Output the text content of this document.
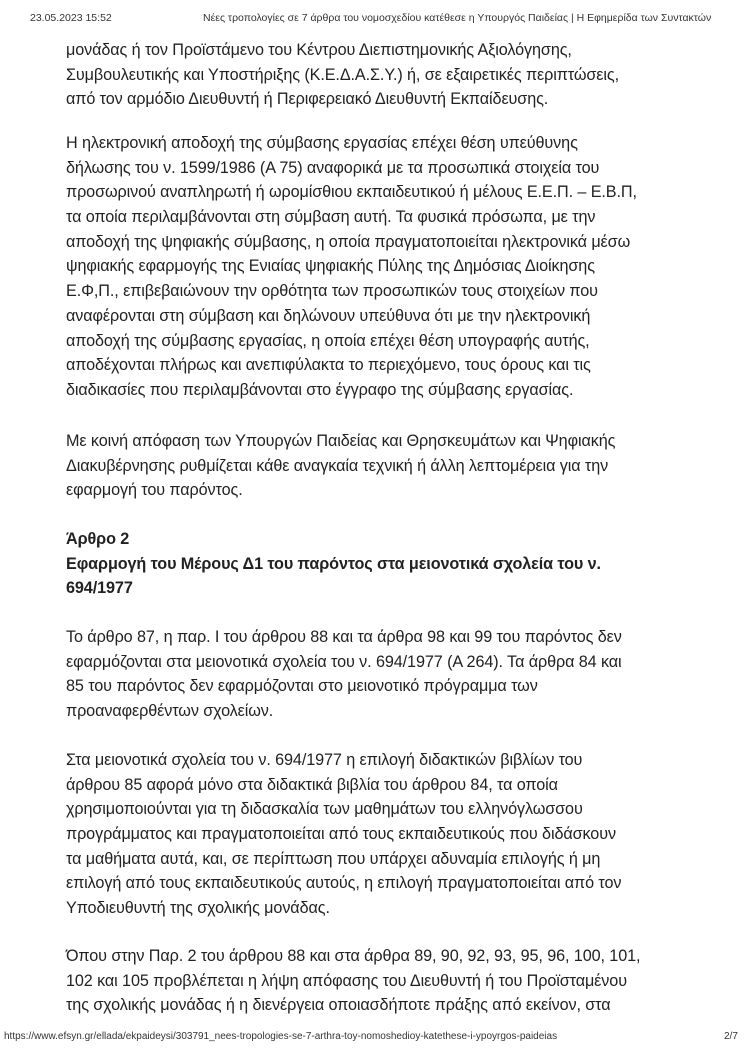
23.05.2023 15:52	Νέες τροπολογίες σε 7 άρθρα του νομοσχεδίου κατέθεσε η Υπουργός Παιδείας | Η Εφημερίδα των Συντακτών
μονάδας ή τον Προϊστάμενο του Κέντρου Διεπιστημονικής Αξιολόγησης,
Συμβουλευτικής και Υποστήριξης (Κ.Ε.Δ.Α.Σ.Υ.) ή, σε εξαιρετικές περιπτώσεις,
από τον αρμόδιο Διευθυντή ή Περιφερειακό Διευθυντή Εκπαίδευσης.
Η ηλεκτρονική αποδοχή της σύμβασης εργασίας επέχει θέση υπεύθυνης
δήλωσης του ν. 1599/1986 (Α 75) αναφορικά με τα προσωπικά στοιχεία του
προσωρινού αναπληρωτή ή ωρομίσθιου εκπαιδευτικού ή μέλους Ε.Ε.Π. – Ε.Β.Π,
τα οποία περιλαμβάνονται στη σύμβαση αυτή. Τα φυσικά πρόσωπα, με την
αποδοχή της ψηφιακής σύμβασης, η οποία πραγματοποιείται ηλεκτρονικά μέσω
ψηφιακής εφαρμογής της Ενιαίας ψηφιακής Πύλης της Δημόσιας Διοίκησης
Ε.Φ,Π., επιβεβαιώνουν την ορθότητα των προσωπικών τους στοιχείων που
αναφέρονται στη σύμβαση και δηλώνουν υπεύθυνα ότι με την ηλεκτρονική
αποδοχή της σύμβασης εργασίας, η οποία επέχει θέση υπογραφής αυτής,
αποδέχονται πλήρως και ανεπιφύλακτα το περιεχόμενο, τους όρους και τις
διαδικασίες που περιλαμβάνονται στο έγγραφο της σύμβασης εργασίας.
Με κοινή απόφαση των Υπουργών Παιδείας και Θρησκευμάτων και Ψηφιακής
Διακυβέρνησης ρυθμίζεται κάθε αναγκαία τεχνική ή άλλη λεπτομέρεια για την
εφαρμογή του παρόντος.
Άρθρο 2
Εφαρμογή του Μέρους Δ1 του παρόντος στα μειονοτικά σχολεία του ν.
694/1977
Το άρθρο 87, η παρ. Ι του άρθρου 88 και τα άρθρα 98 και 99 του παρόντος δεν
εφαρμόζονται στα μειονοτικά σχολεία του ν. 694/1977 (Α 264). Τα άρθρα 84 και
85 του παρόντος δεν εφαρμόζονται στο μειονοτικό πρόγραμμα των
προαναφερθέντων σχολείων.
Στα μειονοτικά σχολεία του ν. 694/1977 η επιλογή διδακτικών βιβλίων του
άρθρου 85 αφορά μόνο στα διδακτικά βιβλία του άρθρου 84, τα οποία
χρησιμοποιούνται για τη διδασκαλία των μαθημάτων του ελληνόγλωσσου
προγράμματος και πραγματοποιείται από τους εκπαιδευτικούς που διδάσκουν
τα μαθήματα αυτά, και, σε περίπτωση που υπάρχει αδυναμία επιλογής ή μη
επιλογή από τους εκπαιδευτικούς αυτούς, η επιλογή πραγματοποιείται από τον
Υποδιευθυντή της σχολικής μονάδας.
Όπου στην Παρ. 2 του άρθρου 88 και στα άρθρα 89, 90, 92, 93, 95, 96, 100, 101,
102 και 105 προβλέπεται η λήψη απόφασης του Διευθυντή ή του Προϊσταμένου
της σχολικής μονάδας ή η διενέργεια οποιασδήποτε πράξης από εκείνον, στα
https://www.efsyn.gr/ellada/ekpaideysi/303791_nees-tropologies-se-7-arthra-toy-nomoshedioy-katethese-i-ypoyrgos-paideias	2/7
